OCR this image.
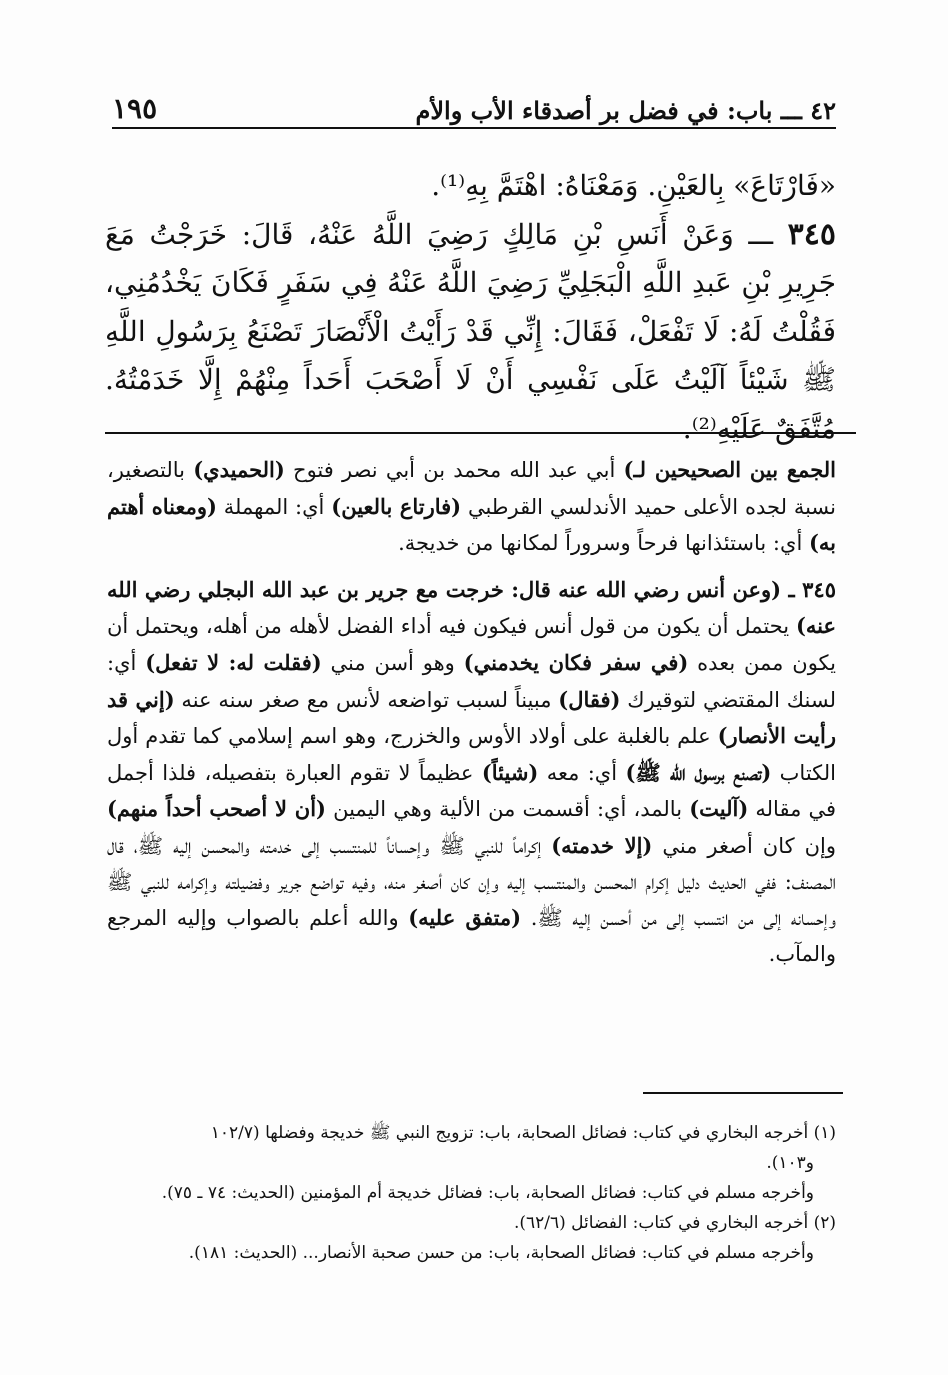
٤٢ ـــ باب: في فضل بر أصدقاء الأب والأم
١٩٥

«فَارْتَاعَ» بِالعَيْنِ. وَمَعْنَاهُ: اهْتَمَّ بِهِ⁽¹⁾.

٣٤٥ ـــ وَعَنْ أَنَسِ بْنِ مَالِكٍ رَضِيَ اللَّهُ عَنْهُ، قَالَ: خَرَجْتُ مَعَ جَرِيرِ بْنِ عَبدِ اللَّهِ الْبَجَلِيِّ رَضِيَ اللَّهُ عَنْهُ فِي سَفَرٍ فَكَانَ يَخْدُمُنِي، فَقُلْتُ لَهُ: لَا تَفْعَلْ، فَقَالَ: إِنِّي قَدْ رَأَيْتُ الْأَنْصَارَ تَصْنَعُ بِرَسُولِ اللَّهِ ﷺ شَيْئاً آلَيْتُ عَلَى نَفْسِي أَنْ لَا أَصْحَبَ أَحَداً مِنْهُمْ إِلَّا خَدَمْتُهُ. مُتَّفَقٌ عَلَيْهِ⁽²⁾.

الجمع بين الصحيحين لـ) أبي عبد الله محمد بن أبي نصر فتوح (الحميدي) بالتصغير، نسبة لجده الأعلى حميد الأندلسي القرطبي (فارتاع بالعين) أي: المهملة (ومعناه أهتم به) أي: باستئذانها فرحاً وسروراً لمكانها من خديجة.

٣٤٥ ـ (وعن أنس رضي الله عنه قال: خرجت مع جرير بن عبد الله البجلي رضي الله عنه) يحتمل أن يكون من قول أنس فيكون فيه أداء الفضل لأهله من أهله، ويحتمل أن يكون ممن بعده (في سفر فكان يخدمني) وهو أسن مني (فقلت له: لا تفعل) أي: لسنك المقتضي لتوقيرك (فقال) مبيناً لسبب تواضعه لأنس مع صغر سنه عنه (إني قد رأيت الأنصار) علم بالغلبة على أولاد الأوس والخزرج، وهو اسم إسلامي كما تقدم أول الكتاب (تصنع برسول الله ﷺ) أي: معه (شيئاً) عظيماً لا تقوم العبارة بتفصيله، فلذا أجمل في مقاله (آليت) بالمد، أي: أقسمت من الألية وهي اليمين (أن لا أصحب أحداً منهم) وإن كان أصغر مني (إلا خدمته) إكراماً للنبي ﷺ وإحساناً للمنتسب إلى خدمته والمحسن إليه ﷺ، قال المصنف: ففي الحديث دليل إكرام المحسن والمنتسب إليه وإن كان أصغر منه، وفيه تواضع جرير وفضيلته وإكرامه للنبي ﷺ وإحسانه إلى من انتسب إلى من أحسن إليه ﷺ. (متفق عليه) والله أعلم بالصواب وإليه المرجع والمآب.

(١) أخرجه البخاري في كتاب: فضائل الصحابة، باب: تزويج النبي ﷺ خديجة وفضلها (١٠٢/٧

و١٠٣).

وأخرجه مسلم في كتاب: فضائل الصحابة، باب: فضائل خديجة أم المؤمنين (الحديث: ٧٤ ـ ٧٥).

(٢) أخرجه البخاري في كتاب: الفضائل (٦٢/٦).

وأخرجه مسلم في كتاب: فضائل الصحابة، باب: من حسن صحبة الأنصار... (الحديث: ١٨١).
